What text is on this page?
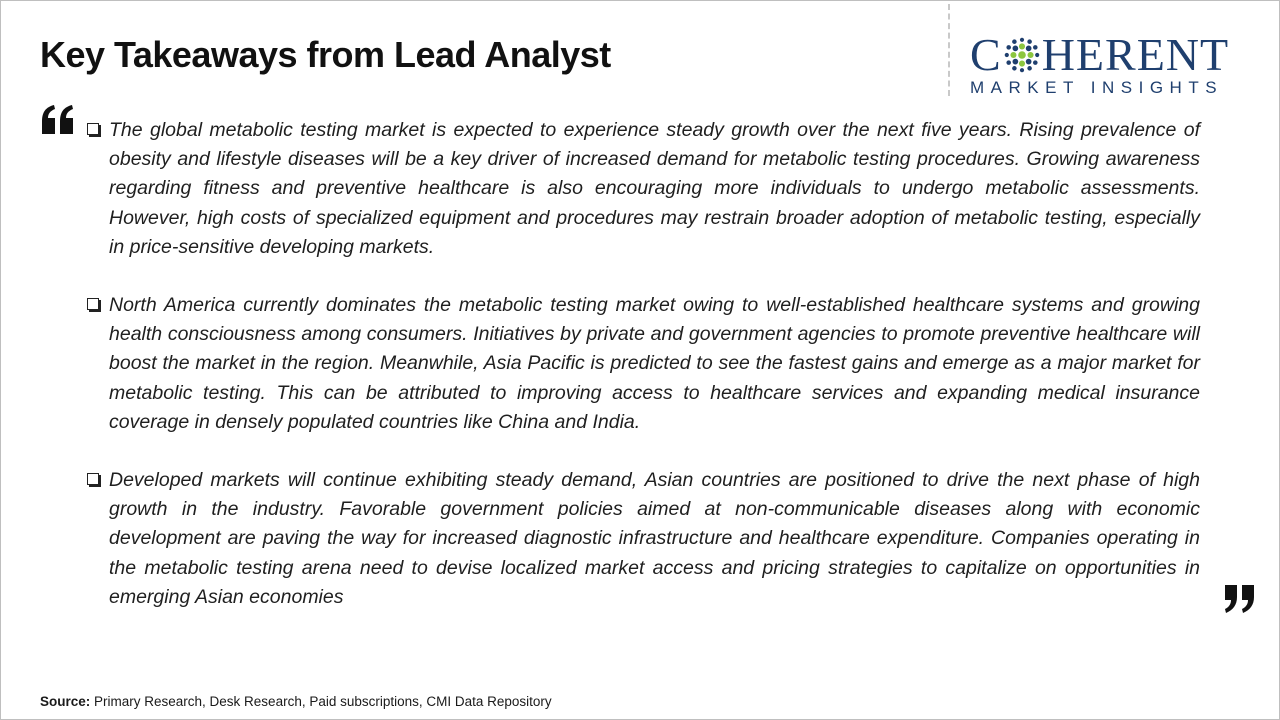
Key Takeaways from Lead Analyst	C HERENT
MARKET INSIGHTS
The global metabolic testing market is expected to experience steady growth over the next five years. Rising prevalence of obesity and lifestyle diseases will be a key driver of increased demand for metabolic testing procedures. Growing awareness regarding fitness and preventive healthcare is also encouraging more individuals to undergo metabolic assessments. However, high costs of specialized equipment and procedures may restrain broader adoption of metabolic testing, especially in price-sensitive developing markets.
North America currently dominates the metabolic testing market owing to well-established healthcare systems and growing health consciousness among consumers. Initiatives by private and government agencies to promote preventive healthcare will boost the market in the region. Meanwhile, Asia Pacific is predicted to see the fastest gains and emerge as a major market for metabolic testing. This can be attributed to improving access to healthcare services and expanding medical insurance coverage in densely populated countries like China and India.
Developed markets will continue exhibiting steady demand, Asian countries are positioned to drive the next phase of high growth in the industry. Favorable government policies aimed at non-communicable diseases along with economic development are paving the way for increased diagnostic infrastructure and healthcare expenditure. Companies operating in the metabolic testing arena need to devise localized market access and pricing strategies to capitalize on opportunities in emerging Asian economies
Source: Primary Research, Desk Research, Paid subscriptions, CMI Data Repository
